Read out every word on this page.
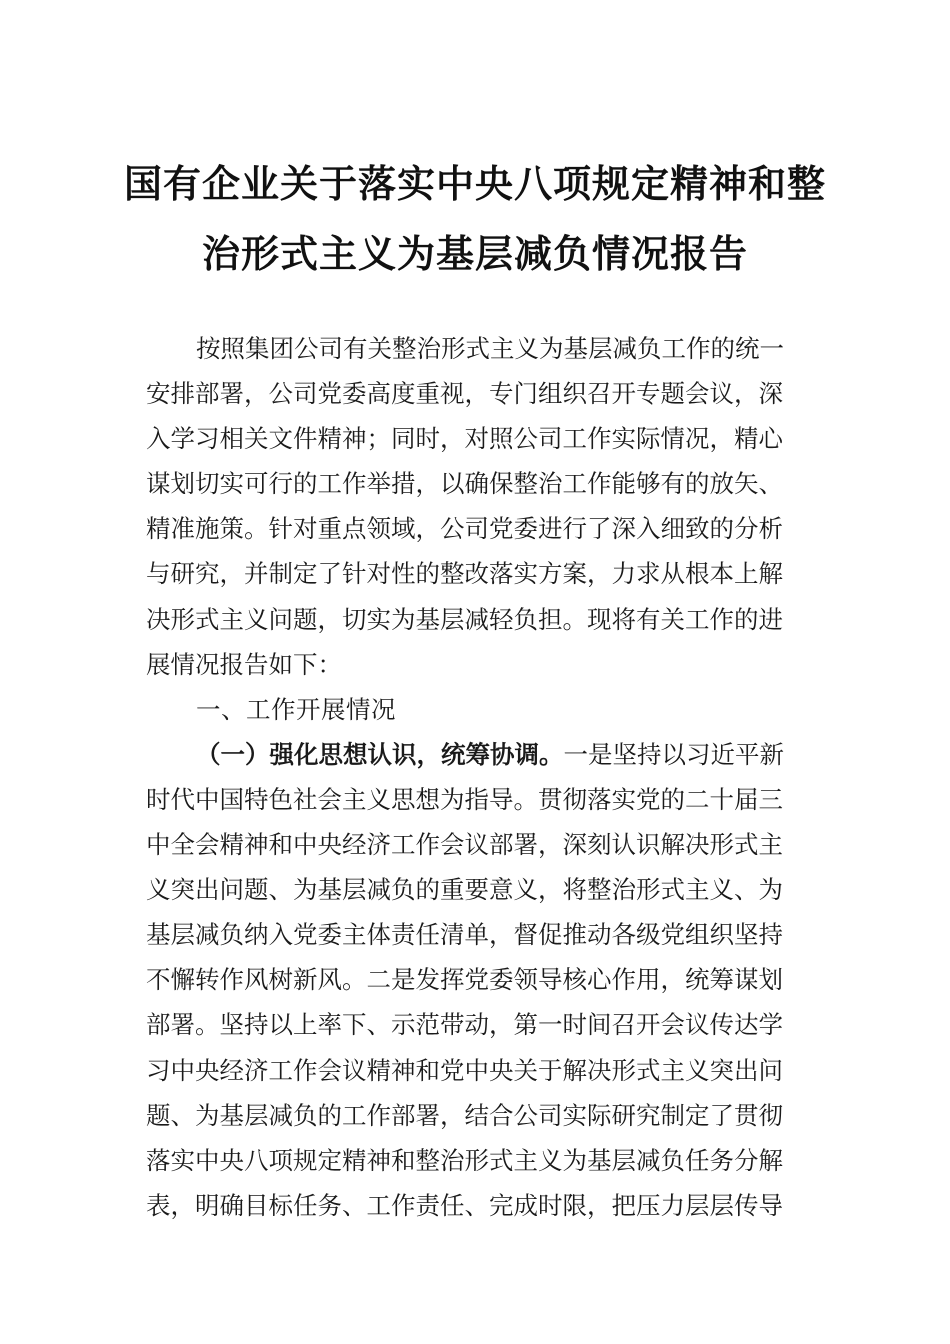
国有企业关于落实中央八项规定精神和整
治形式主义为基层减负情况报告
按照集团公司有关整治形式主义为基层减负工作的统一
安排部署，公司党委高度重视，专门组织召开专题会议，深
入学习相关文件精神；同时，对照公司工作实际情况，精心
谋划切实可行的工作举措，以确保整治工作能够有的放矢、
精准施策。针对重点领域，公司党委进行了深入细致的分析
与研究，并制定了针对性的整改落实方案，力求从根本上解
决形式主义问题，切实为基层减轻负担。现将有关工作的进
展情况报告如下：
一、工作开展情况
（一）强化思想认识，统筹协调。一是坚持以习近平新
时代中国特色社会主义思想为指导。贯彻落实党的二十届三
中全会精神和中央经济工作会议部署，深刻认识解决形式主
义突出问题、为基层减负的重要意义，将整治形式主义、为
基层减负纳入党委主体责任清单，督促推动各级党组织坚持
不懈转作风树新风。二是发挥党委领导核心作用，统筹谋划
部署。坚持以上率下、示范带动，第一时间召开会议传达学
习中央经济工作会议精神和党中央关于解决形式主义突出问
题、为基层减负的工作部署，结合公司实际研究制定了贯彻
落实中央八项规定精神和整治形式主义为基层减负任务分解
表，明确目标任务、工作责任、完成时限，把压力层层传导
